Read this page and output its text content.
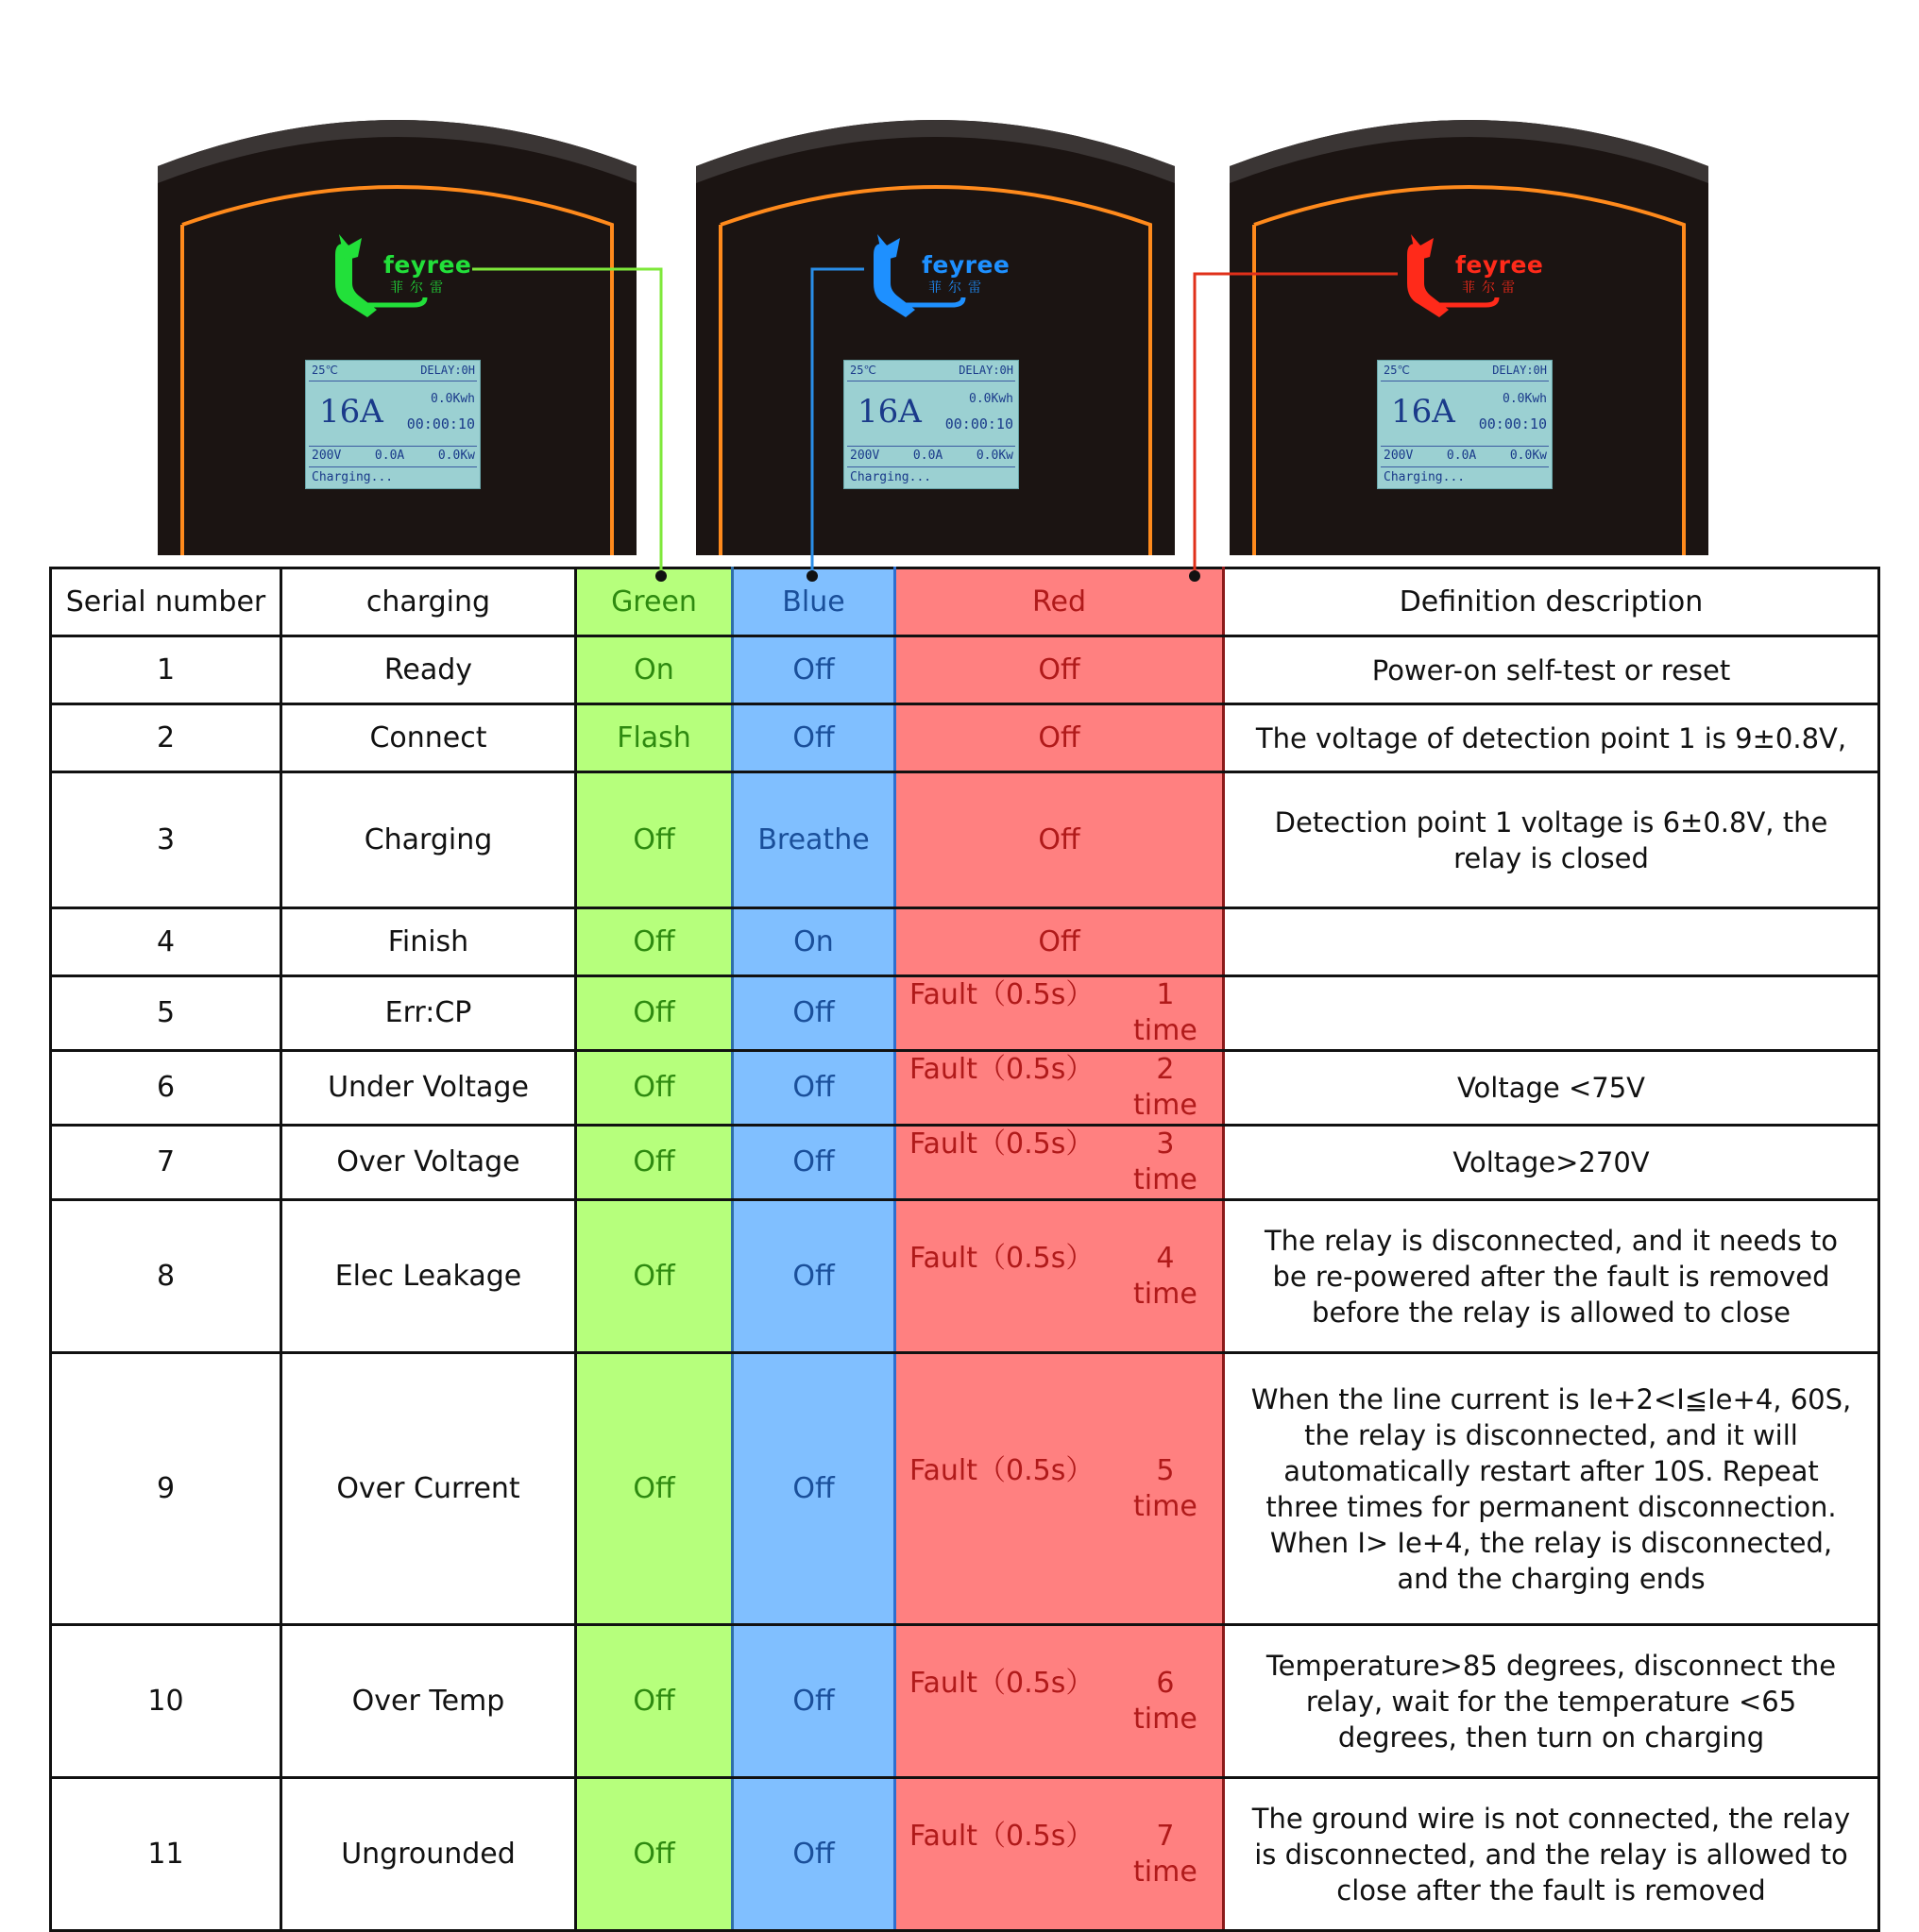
feyree
菲尔雷
25℃	DELAY:0H
16A	0.0Kwh
00:00:10
200V	0.0A	0.0Kw
Charging...
feyree
菲尔雷
25℃	DELAY:0H
16A	0.0Kwh
00:00:10
200V	0.0A	0.0Kw
Charging...
feyree
菲尔雷
25℃	DELAY:0H
16A	0.0Kwh
00:00:10
200V	0.0A	0.0Kw
Charging...
Serial number	charging	Green	Blue	Red	Definition description
1	Ready	On	Off	Off	Power-on self-test or reset
2	Connect	Flash	Off	Off	The voltage of detection point 1 is 9±0.8V,
3	Charging	Off	Breathe	Off	Detection point 1 voltage is 6±0.8V, the relay is closed
4	Finish	Off	On	Off	
5	Err:CP	Off	Off	Fault（0.5s） 1 time	

6	Under Voltage	Off	Off	Fault（0.5s） 2 time	Voltage <75V
7	Over Voltage	Off	Off	Fault（0.5s） 3 time	Voltage>270V
8	Elec Leakage	Off	Off	Fault（0.5s） 4 time	The relay is disconnected, and it needs to be re-powered after the fault is removed before the relay is allowed to close
9	Over Current	Off	Off	Fault（0.5s） 5 time	When the line current is Ie+2<I≦Ie+4, 60S, the relay is disconnected, and it will automatically restart after 10S. Repeat three times for permanent disconnection. When I> Ie+4, the relay is disconnected, and the charging ends
10	Over Temp	Off	Off	Fault（0.5s） 6 time	Temperature>85 degrees, disconnect the relay, wait for the temperature <65 degrees, then turn on charging
11	Ungrounded	Off	Off	Fault（0.5s） 7 time	The ground wire is not connected, the relay is disconnected, and the relay is allowed to close after the fault is removed
